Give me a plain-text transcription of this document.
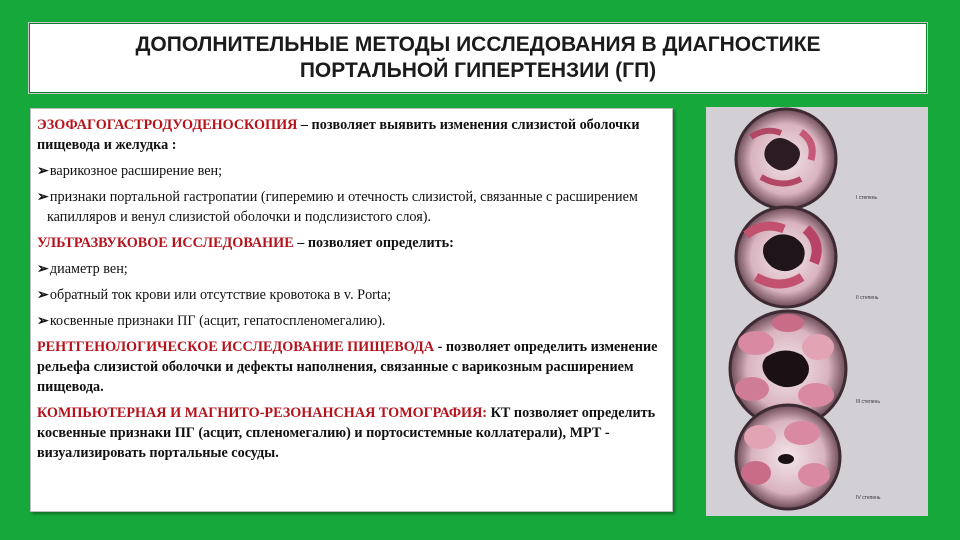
ДОПОЛНИТЕЛЬНЫЕ МЕТОДЫ ИССЛЕДОВАНИЯ В ДИАГНОСТИКЕ
ПОРТАЛЬНОЙ ГИПЕРТЕНЗИИ (ГП)

ЭЗОФАГОГАСТРОДУОДЕНОСКОПИЯ – позволяет выявить изменения слизистой оболочки пищевода и желудка :

➢варикозное расширение вен;

➢признаки портальной гастропатии (гиперемию и отечность слизистой, связанные с расширением капилляров и венул слизистой оболочки и подслизистого слоя).

УЛЬТРАЗВУКОВОЕ ИССЛЕДОВАНИЕ – позволяет определить:

➢диаметр вен;

➢обратный ток крови или отсутствие кровотока в v. Porta;

➢косвенные признаки ПГ (асцит, гепатоспленомегалию).

РЕНТГЕНОЛОГИЧЕСКОЕ ИССЛЕДОВАНИЕ ПИЩЕВОДА - позволяет определить изменение рельефа слизистой оболочки и дефекты наполнения, связанные с варикозным расширением пищевода.

КОМПЬЮТЕРНАЯ И МАГНИТО-РЕЗОНАНСНАЯ ТОМОГРАФИЯ: КТ позволяет определить косвенные признаки ПГ (асцит, спленомегалию) и портосистемные коллатерали), МРТ - визуализировать портальные сосуды.

I степень
II степень
III степень
IV степень
